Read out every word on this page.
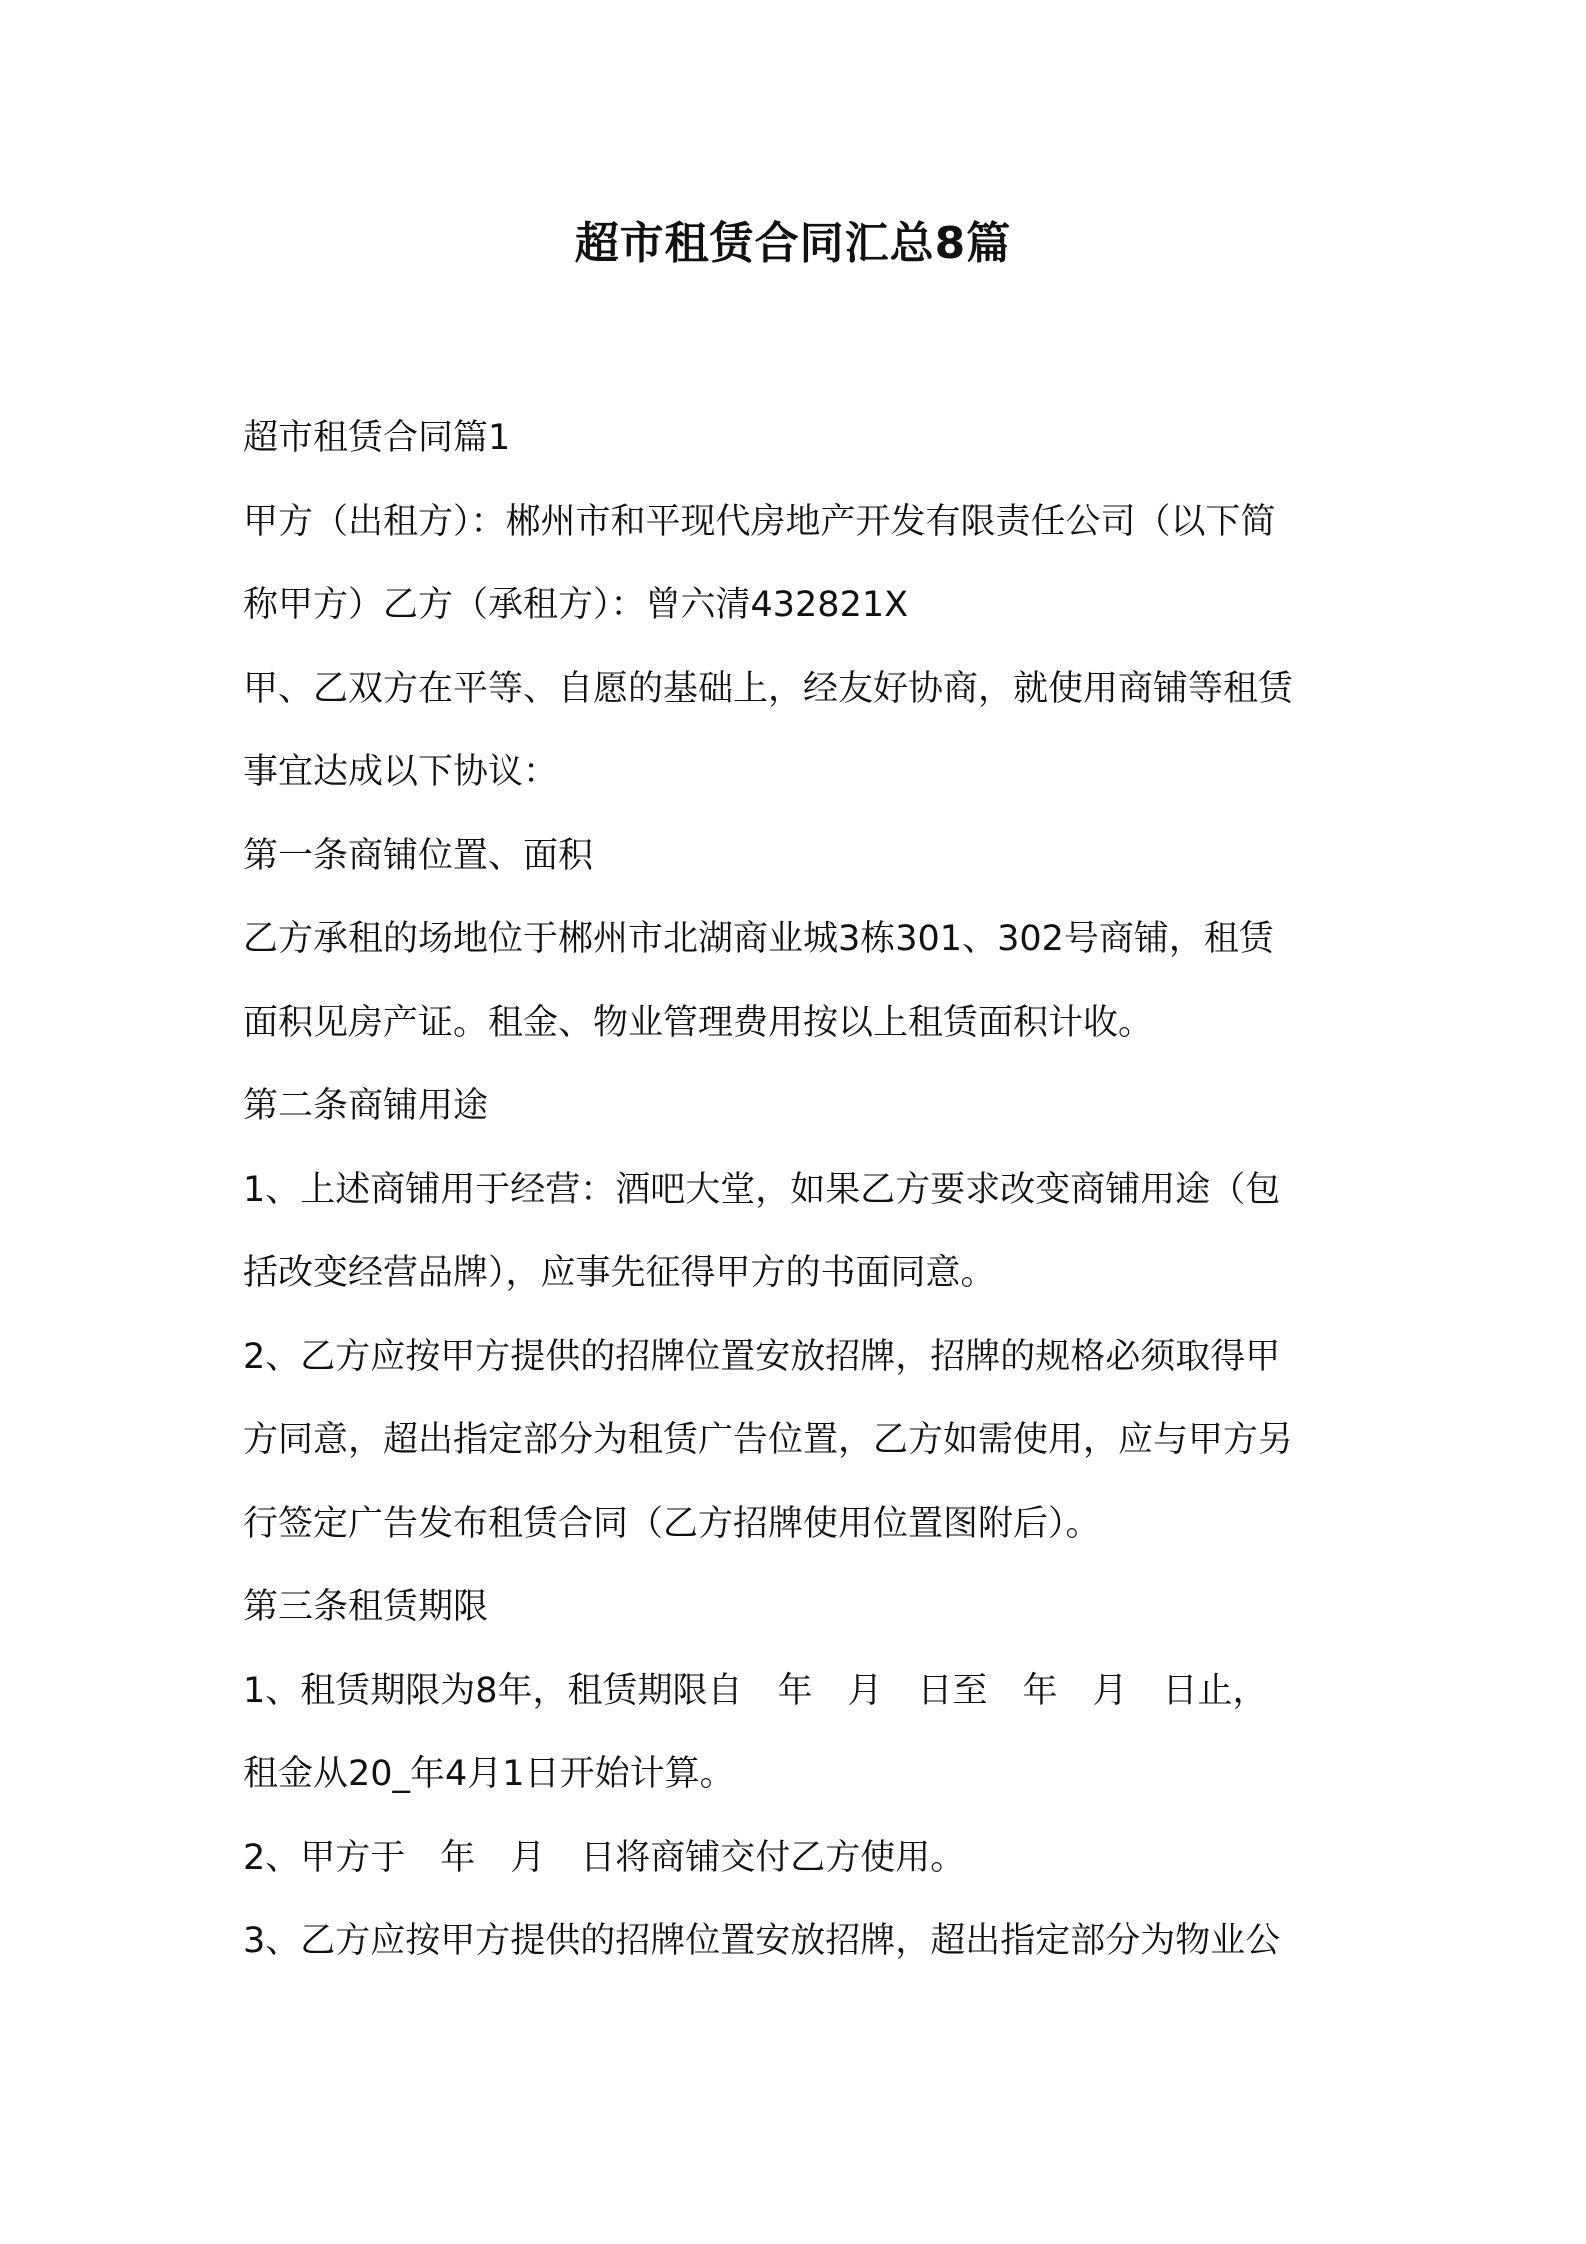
超市租赁合同汇总8篇

超市租赁合同篇1

甲方（出租方）：郴州市和平现代房地产开发有限责任公司（以下简

称甲方）乙方（承租方）：曾六清432821X

甲、乙双方在平等、自愿的基础上，经友好协商，就使用商铺等租赁

事宜达成以下协议：

第一条商铺位置、面积

乙方承租的场地位于郴州市北湖商业城3栋301、302号商铺，租赁

面积见房产证。租金、物业管理费用按以上租赁面积计收。

第二条商铺用途

1、上述商铺用于经营：酒吧大堂，如果乙方要求改变商铺用途（包

括改变经营品牌），应事先征得甲方的书面同意。

2、乙方应按甲方提供的招牌位置安放招牌，招牌的规格必须取得甲

方同意，超出指定部分为租赁广告位置，乙方如需使用，应与甲方另

行签定广告发布租赁合同（乙方招牌使用位置图附后）。

第三条租赁期限

1、租赁期限为8年，租赁期限自　年　月　日至　年　月　日止，

租金从20_年4月1日开始计算。

2、甲方于　年　月　日将商铺交付乙方使用。

3、乙方应按甲方提供的招牌位置安放招牌，超出指定部分为物业公
